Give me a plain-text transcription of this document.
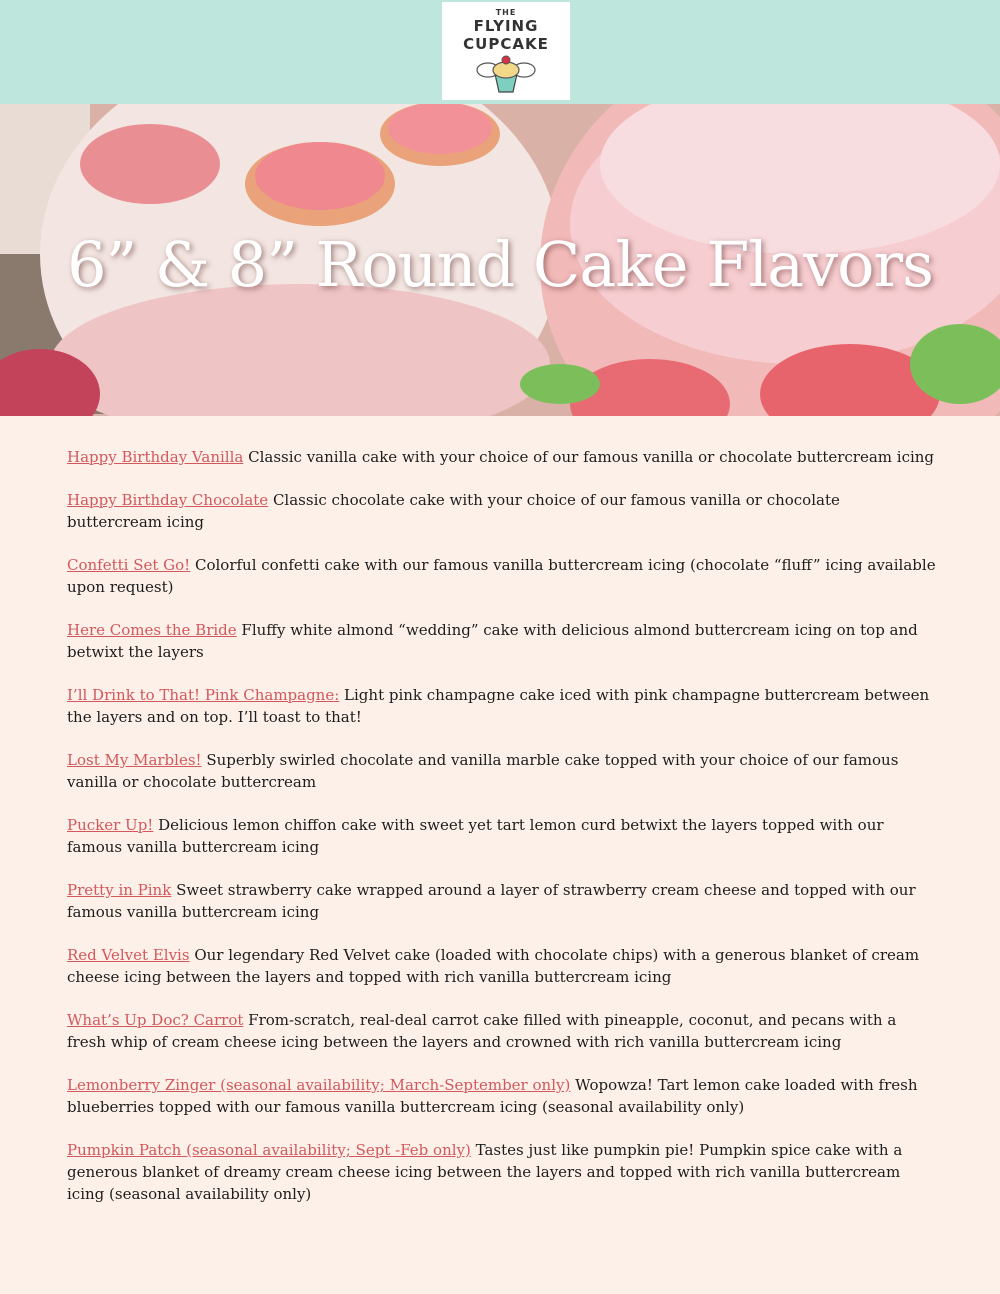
THE
FLYING
CUPCAKE
6” & 8” Round Cake Flavors
Happy Birthday Vanilla Classic vanilla cake with your choice of our famous vanilla or chocolate buttercream icing
Happy Birthday Chocolate Classic chocolate cake with your choice of our famous vanilla or chocolate buttercream icing
Confetti Set Go! Colorful confetti cake with our famous vanilla buttercream icing (chocolate “fluff” icing available upon request)
Here Comes the Bride Fluffy white almond “wedding” cake with delicious almond buttercream icing on top and betwixt the layers
I’ll Drink to That! Pink Champagne: Light pink champagne cake iced with pink champagne buttercream between the layers and on top. I’ll toast to that!
Lost My Marbles! Superbly swirled chocolate and vanilla marble cake topped with your choice of our famous vanilla or chocolate buttercream
Pucker Up! Delicious lemon chiffon cake with sweet yet tart lemon curd betwixt the layers topped with our famous vanilla buttercream icing
Pretty in Pink Sweet strawberry cake wrapped around a layer of strawberry cream cheese and topped with our famous vanilla buttercream icing
Red Velvet Elvis Our legendary Red Velvet cake (loaded with chocolate chips) with a generous blanket of cream cheese icing between the layers and topped with rich vanilla buttercream icing
What’s Up Doc? Carrot From-scratch, real-deal carrot cake filled with pineapple, coconut, and pecans with a fresh whip of cream cheese icing between the layers and crowned with rich vanilla buttercream icing
Lemonberry Zinger (seasonal availability; March-September only) Wopowza! Tart lemon cake loaded with fresh blueberries topped with our famous vanilla buttercream icing (seasonal availability only)
Pumpkin Patch (seasonal availability; Sept -Feb only) Tastes just like pumpkin pie! Pumpkin spice cake with a generous blanket of dreamy cream cheese icing between the layers and topped with rich vanilla buttercream icing (seasonal availability only)
